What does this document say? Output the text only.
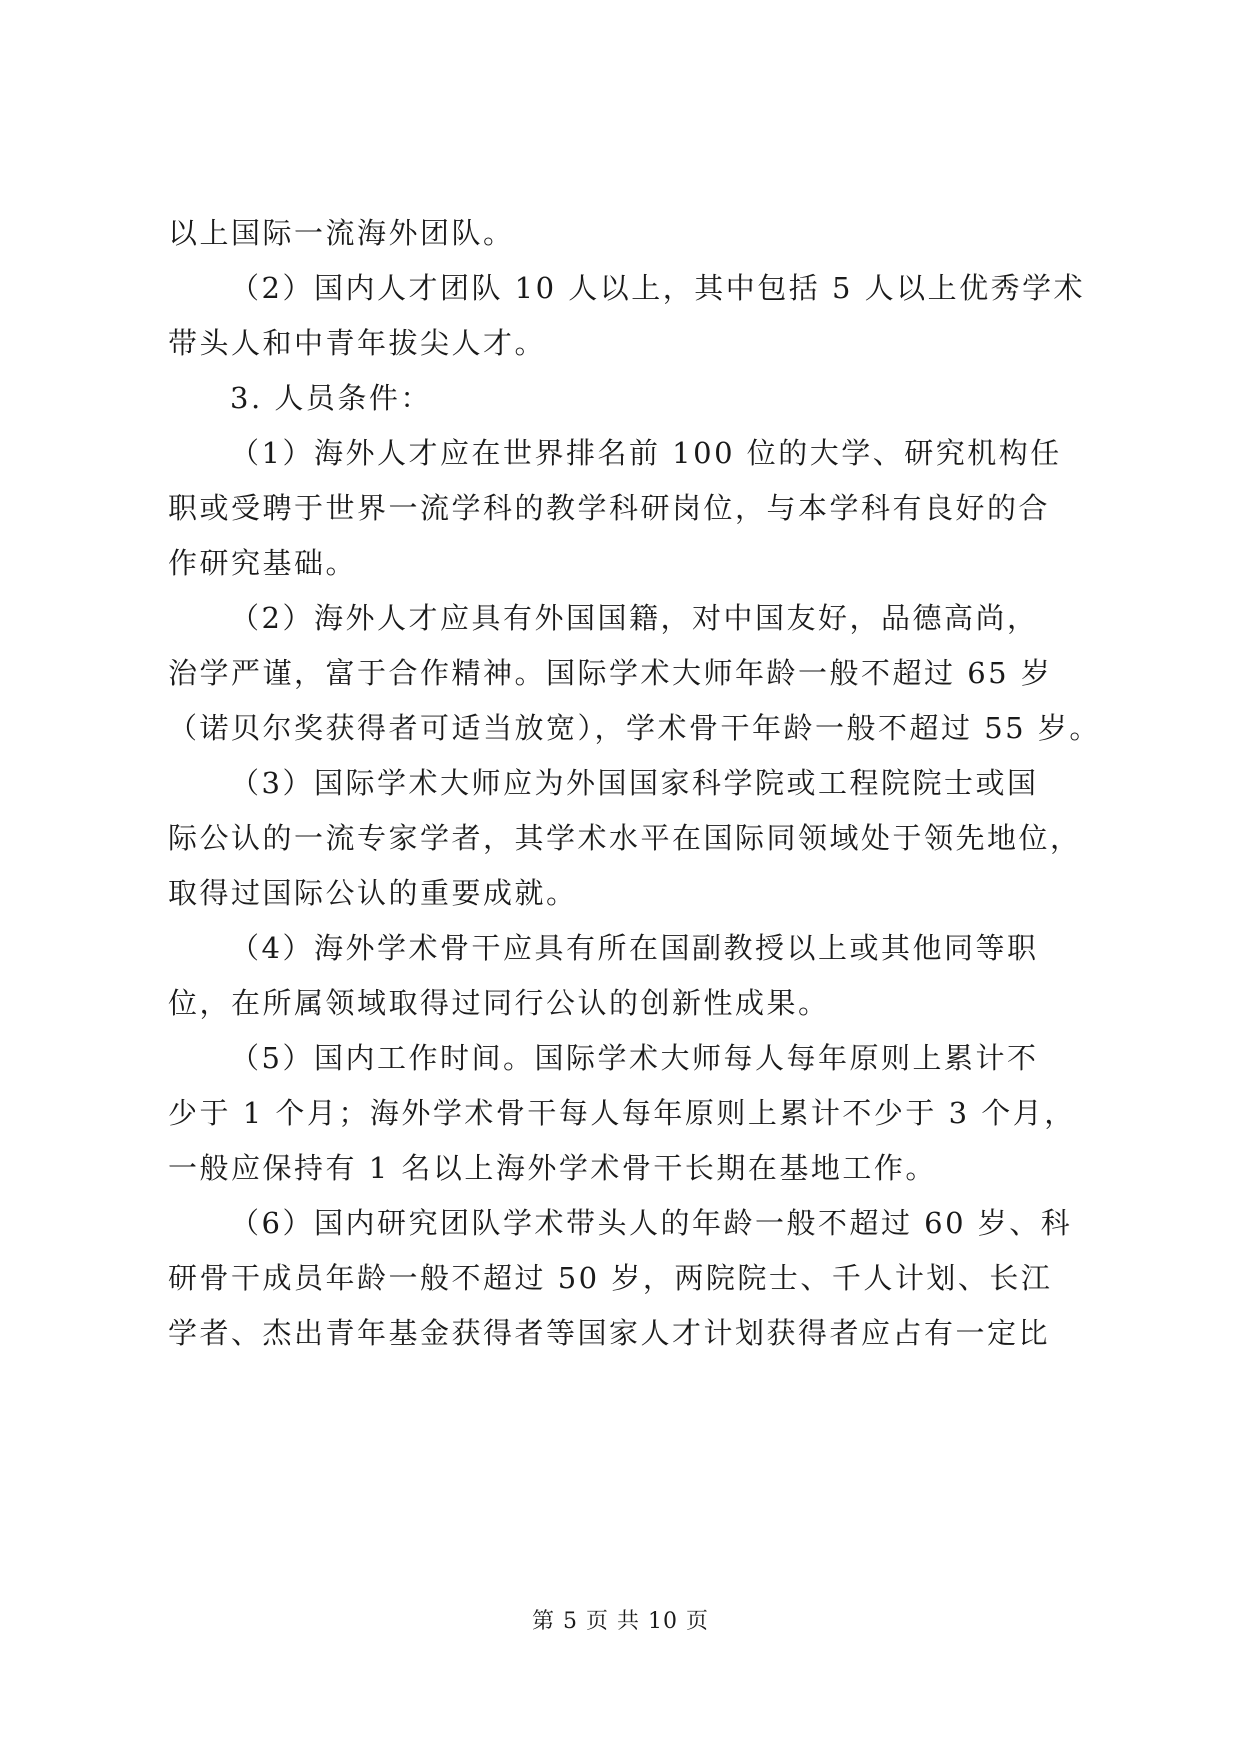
以上国际一流海外团队。
（2）国内人才团队 10 人以上，其中包括 5 人以上优秀学术
带头人和中青年拔尖人才。
3. 人员条件：
（1）海外人才应在世界排名前 100 位的大学、研究机构任
职或受聘于世界一流学科的教学科研岗位，与本学科有良好的合
作研究基础。
（2）海外人才应具有外国国籍，对中国友好，品德高尚，
治学严谨，富于合作精神。国际学术大师年龄一般不超过 65 岁
（诺贝尔奖获得者可适当放宽），学术骨干年龄一般不超过 55 岁。
（3）国际学术大师应为外国国家科学院或工程院院士或国
际公认的一流专家学者，其学术水平在国际同领域处于领先地位，
取得过国际公认的重要成就。
（4）海外学术骨干应具有所在国副教授以上或其他同等职
位，在所属领域取得过同行公认的创新性成果。
（5）国内工作时间。国际学术大师每人每年原则上累计不
少于 1 个月；海外学术骨干每人每年原则上累计不少于 3 个月，
一般应保持有 1 名以上海外学术骨干长期在基地工作。
（6）国内研究团队学术带头人的年龄一般不超过 60 岁、科
研骨干成员年龄一般不超过 50 岁，两院院士、千人计划、长江
学者、杰出青年基金获得者等国家人才计划获得者应占有一定比
第 5 页 共 10 页
